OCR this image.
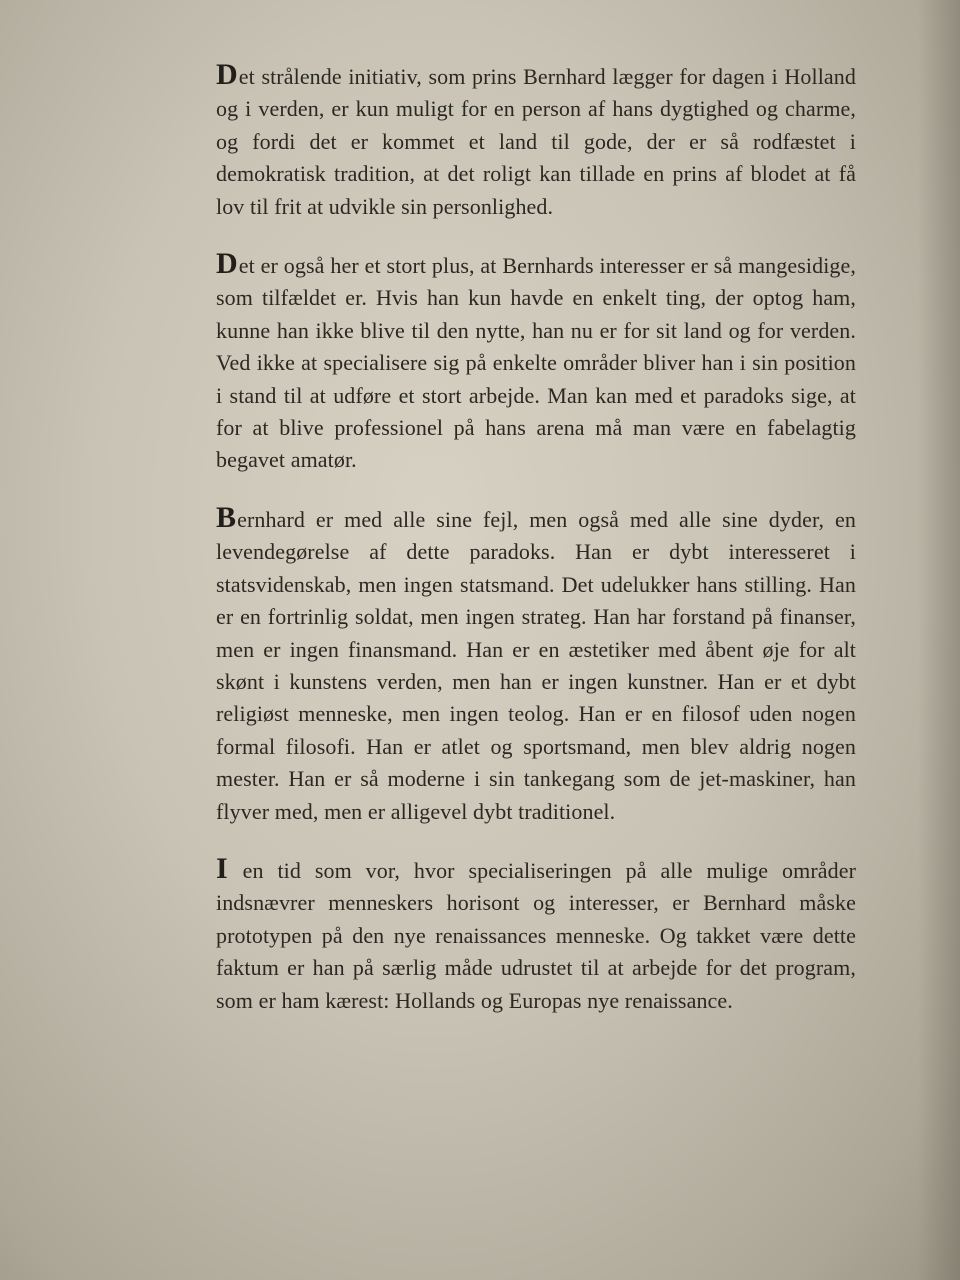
Det strålende initiativ, som prins Bernhard lægger for dagen i Holland og i verden, er kun muligt for en person af hans dygtighed og charme, og fordi det er kommet et land til gode, der er så rodfæstet i demokratisk tradition, at det roligt kan tillade en prins af blodet at få lov til frit at udvikle sin personlighed.

Det er også her et stort plus, at Bernhards interesser er så mangesidige, som tilfældet er. Hvis han kun havde en enkelt ting, der optog ham, kunne han ikke blive til den nytte, han nu er for sit land og for verden. Ved ikke at specialisere sig på enkelte områder bliver han i sin position i stand til at udføre et stort arbejde. Man kan med et paradoks sige, at for at blive professionel på hans arena må man være en fabelagtig begavet amatør.

Bernhard er med alle sine fejl, men også med alle sine dyder, en levendegørelse af dette paradoks. Han er dybt interesseret i statsvidenskab, men ingen statsmand. Det udelukker hans stilling. Han er en fortrinlig soldat, men ingen strateg. Han har forstand på finanser, men er ingen finansmand. Han er en æstetiker med åbent øje for alt skønt i kunstens verden, men han er ingen kunstner. Han er et dybt religiøst menneske, men ingen teolog. Han er en filosof uden nogen formal filosofi. Han er atlet og sportsmand, men blev aldrig nogen mester. Han er så moderne i sin tankegang som de jet-maskiner, han flyver med, men er alligevel dybt traditionel.

I en tid som vor, hvor specialiseringen på alle mulige områder indsnævrer menneskers horisont og interesser, er Bernhard måske prototypen på den nye renaissances menneske. Og takket være dette faktum er han på særlig måde udrustet til at arbejde for det program, som er ham kærest: Hollands og Europas nye renaissance.
